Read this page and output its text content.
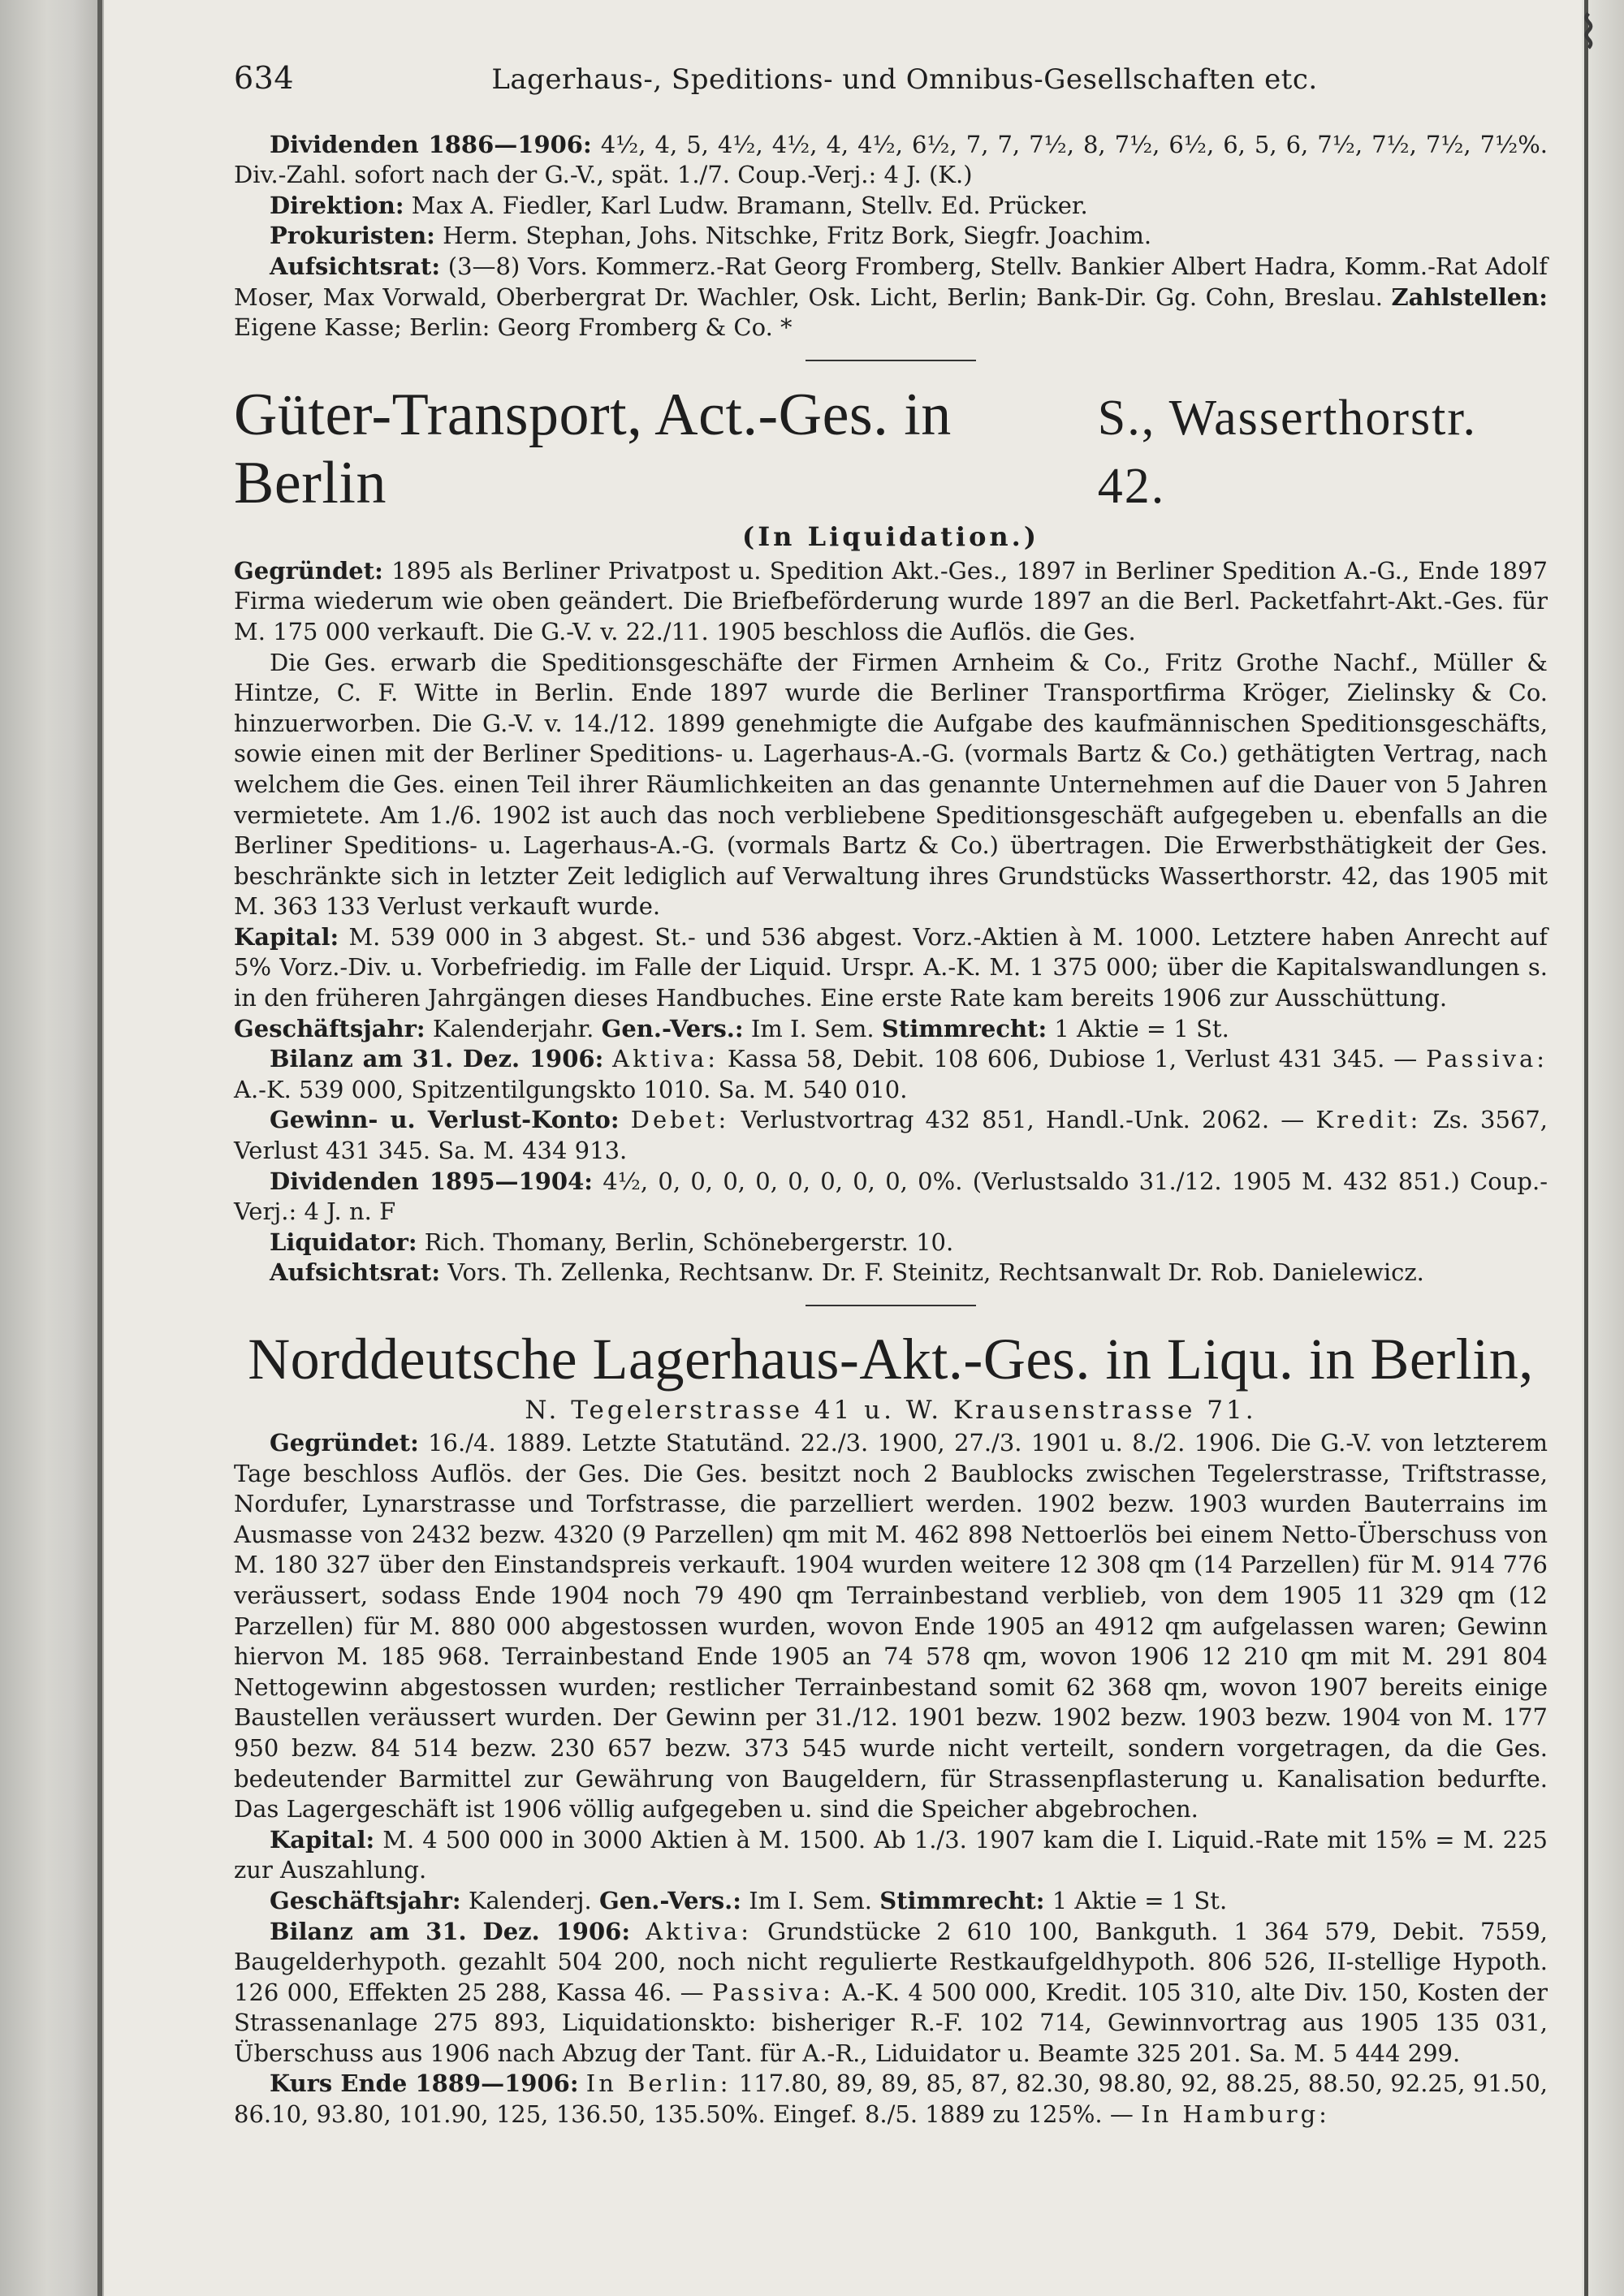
⌇
634	Lagerhaus-, Speditions- und Omnibus-Gesellschaften etc.

Dividenden 1886—1906: 4½, 4, 5, 4½, 4½, 4, 4½, 6½, 7, 7, 7½, 8, 7½, 6½, 6, 5, 6, 7½, 7½, 7½, 7½%. Div.-Zahl. sofort nach der G.-V., spät. 1./7. Coup.-Verj.: 4 J. (K.)

Direktion: Max A. Fiedler, Karl Ludw. Bramann, Stellv. Ed. Prücker.

Prokuristen: Herm. Stephan, Johs. Nitschke, Fritz Bork, Siegfr. Joachim.

Aufsichtsrat: (3—8) Vors. Kommerz.-Rat Georg Fromberg, Stellv. Bankier Albert Hadra, Komm.-Rat Adolf Moser, Max Vorwald, Oberbergrat Dr. Wachler, Osk. Licht, Berlin; Bank-Dir. Gg. Cohn, Breslau. Zahlstellen: Eigene Kasse; Berlin: Georg Fromberg & Co. *

Güter-Transport, Act.-Ges. in Berlin
S., Wasserthorstr. 42.
(In Liquidation.)

Gegründet: 1895 als Berliner Privatpost u. Spedition Akt.-Ges., 1897 in Berliner Spedition A.-G., Ende 1897 Firma wiederum wie oben geändert. Die Briefbeförderung wurde 1897 an die Berl. Packetfahrt-Akt.-Ges. für M. 175 000 verkauft. Die G.-V. v. 22./11. 1905 beschloss die Auflös. die Ges.

Die Ges. erwarb die Speditionsgeschäfte der Firmen Arnheim & Co., Fritz Grothe Nachf., Müller & Hintze, C. F. Witte in Berlin. Ende 1897 wurde die Berliner Transportfirma Kröger, Zielinsky & Co. hinzuerworben. Die G.-V. v. 14./12. 1899 genehmigte die Aufgabe des kaufmännischen Speditionsgeschäfts, sowie einen mit der Berliner Speditions- u. Lagerhaus-A.-G. (vormals Bartz & Co.) gethätigten Vertrag, nach welchem die Ges. einen Teil ihrer Räumlichkeiten an das genannte Unternehmen auf die Dauer von 5 Jahren vermietete. Am 1./6. 1902 ist auch das noch verbliebene Speditionsgeschäft aufgegeben u. ebenfalls an die Berliner Speditions- u. Lagerhaus-A.-G. (vormals Bartz & Co.) übertragen. Die Erwerbsthätigkeit der Ges. beschränkte sich in letzter Zeit lediglich auf Verwaltung ihres Grundstücks Wasserthorstr. 42, das 1905 mit M. 363 133 Verlust verkauft wurde.

Kapital: M. 539 000 in 3 abgest. St.- und 536 abgest. Vorz.-Aktien à M. 1000. Letztere haben Anrecht auf 5% Vorz.-Div. u. Vorbefriedig. im Falle der Liquid. Urspr. A.-K. M. 1 375 000; über die Kapitalswandlungen s. in den früheren Jahrgängen dieses Handbuches. Eine erste Rate kam bereits 1906 zur Ausschüttung.

Geschäftsjahr: Kalenderjahr. Gen.-Vers.: Im I. Sem. Stimmrecht: 1 Aktie = 1 St.

Bilanz am 31. Dez. 1906: Aktiva: Kassa 58, Debit. 108 606, Dubiose 1, Verlust 431 345. — Passiva: A.-K. 539 000, Spitzentilgungskto 1010. Sa. M. 540 010.

Gewinn- u. Verlust-Konto: Debet: Verlustvortrag 432 851, Handl.-Unk. 2062. — Kredit: Zs. 3567, Verlust 431 345. Sa. M. 434 913.

Dividenden 1895—1904: 4½, 0, 0, 0, 0, 0, 0, 0, 0, 0%. (Verlustsaldo 31./12. 1905 M. 432 851.) Coup.-Verj.: 4 J. n. F

Liquidator: Rich. Thomany, Berlin, Schönebergerstr. 10.

Aufsichtsrat: Vors. Th. Zellenka, Rechtsanw. Dr. F. Steinitz, Rechtsanwalt Dr. Rob. Danielewicz.

Norddeutsche Lagerhaus-Akt.-Ges. in Liqu. in Berlin,
N. Tegelerstrasse 41 u. W. Krausenstrasse 71.

Gegründet: 16./4. 1889. Letzte Statutänd. 22./3. 1900, 27./3. 1901 u. 8./2. 1906. Die G.-V. von letzterem Tage beschloss Auflös. der Ges. Die Ges. besitzt noch 2 Baublocks zwischen Tegelerstrasse, Triftstrasse, Nordufer, Lynarstrasse und Torfstrasse, die parzelliert werden. 1902 bezw. 1903 wurden Bauterrains im Ausmasse von 2432 bezw. 4320 (9 Parzellen) qm mit M. 462 898 Nettoerlös bei einem Netto-Überschuss von M. 180 327 über den Einstandspreis verkauft. 1904 wurden weitere 12 308 qm (14 Parzellen) für M. 914 776 veräussert, sodass Ende 1904 noch 79 490 qm Terrainbestand verblieb, von dem 1905 11 329 qm (12 Parzellen) für M. 880 000 abgestossen wurden, wovon Ende 1905 an 4912 qm aufgelassen waren; Gewinn hiervon M. 185 968. Terrainbestand Ende 1905 an 74 578 qm, wovon 1906 12 210 qm mit M. 291 804 Nettogewinn abgestossen wurden; restlicher Terrainbestand somit 62 368 qm, wovon 1907 bereits einige Baustellen veräussert wurden. Der Gewinn per 31./12. 1901 bezw. 1902 bezw. 1903 bezw. 1904 von M. 177 950 bezw. 84 514 bezw. 230 657 bezw. 373 545 wurde nicht verteilt, sondern vorgetragen, da die Ges. bedeutender Barmittel zur Gewährung von Baugeldern, für Strassenpflasterung u. Kanalisation bedurfte. Das Lagergeschäft ist 1906 völlig aufgegeben u. sind die Speicher abgebrochen.

Kapital: M. 4 500 000 in 3000 Aktien à M. 1500. Ab 1./3. 1907 kam die I. Liquid.-Rate mit 15% = M. 225 zur Auszahlung.

Geschäftsjahr: Kalenderj. Gen.-Vers.: Im I. Sem. Stimmrecht: 1 Aktie = 1 St.

Bilanz am 31. Dez. 1906: Aktiva: Grundstücke 2 610 100, Bankguth. 1 364 579, Debit. 7559, Baugelderhypoth. gezahlt 504 200, noch nicht regulierte Restkaufgeldhypoth. 806 526, II-stellige Hypoth. 126 000, Effekten 25 288, Kassa 46. — Passiva: A.-K. 4 500 000, Kredit. 105 310, alte Div. 150, Kosten der Strassenanlage 275 893, Liquidationskto: bisheriger R.-F. 102 714, Gewinnvortrag aus 1905 135 031, Überschuss aus 1906 nach Abzug der Tant. für A.-R., Liduidator u. Beamte 325 201. Sa. M. 5 444 299.

Kurs Ende 1889—1906: In Berlin: 117.80, 89, 89, 85, 87, 82.30, 98.80, 92, 88.25, 88.50, 92.25, 91.50, 86.10, 93.80, 101.90, 125, 136.50, 135.50%. Eingef. 8./5. 1889 zu 125%. — In Hamburg:
